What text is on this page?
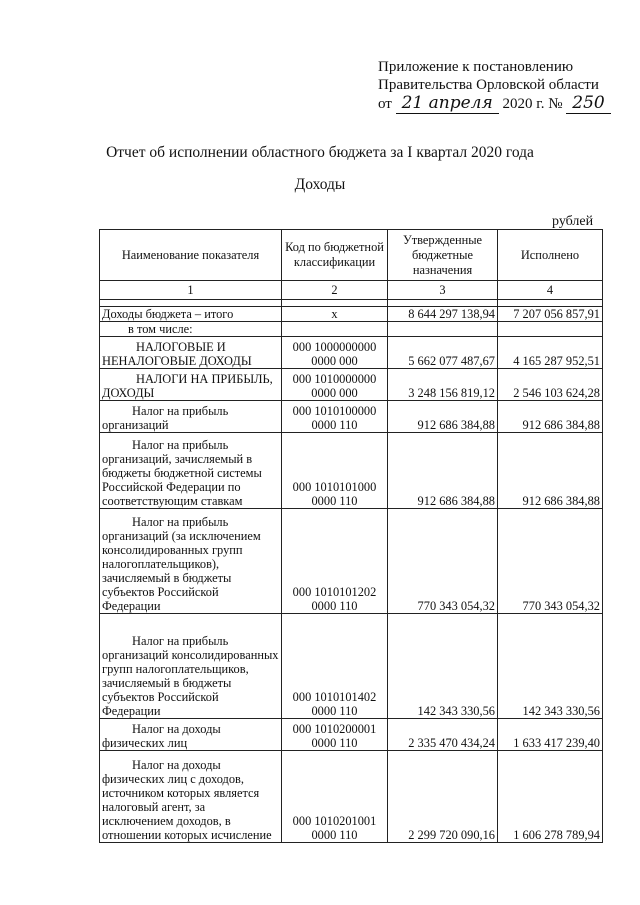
Приложение к постановлению
Правительства Орловской области
от 21 апреля 2020 г. № 250
Отчет об исполнении областного бюджета за I квартал 2020 года
Доходы
рублей
Наименование показателя	Код по бюджетной классификации	Утвержденные бюджетные назначения	Исполнено
1	2	3	4

Доходы бюджета – итого	x	8 644 297 138,94	7 207 056 857,91
в том числе:			
НАЛОГОВЫЕ И НЕНАЛОГОВЫЕ ДОХОДЫ	000 1000000000 0000 000	5 662 077 487,67	4 165 287 952,51
НАЛОГИ НА ПРИБЫЛЬ, ДОХОДЫ	000 1010000000 0000 000	3 248 156 819,12	2 546 103 624,28
Налог на прибыль организаций	000 1010100000 0000 110	912 686 384,88	912 686 384,88
Налог на прибыль организаций, зачисляемый в бюджеты бюджетной системы Российской Федерации по соответствующим ставкам	000 1010101000 0000 110	912 686 384,88	912 686 384,88
Налог на прибыль организаций (за исключением консолидированных групп налогоплательщиков), зачисляемый в бюджеты субъектов Российской Федерации	000 1010101202 0000 110	770 343 054,32	770 343 054,32
Налог на прибыль организаций консолидированных групп налогоплательщиков, зачисляемый в бюджеты субъектов Российской Федерации	000 1010101402 0000 110	142 343 330,56	142 343 330,56
Налог на доходы физических лиц	000 1010200001 0000 110	2 335 470 434,24	1 633 417 239,40
Налог на доходы физических лиц с доходов, источником которых является налоговый агент, за исключением доходов, в отношении которых исчисление	000 1010201001 0000 110	2 299 720 090,16	1 606 278 789,94
